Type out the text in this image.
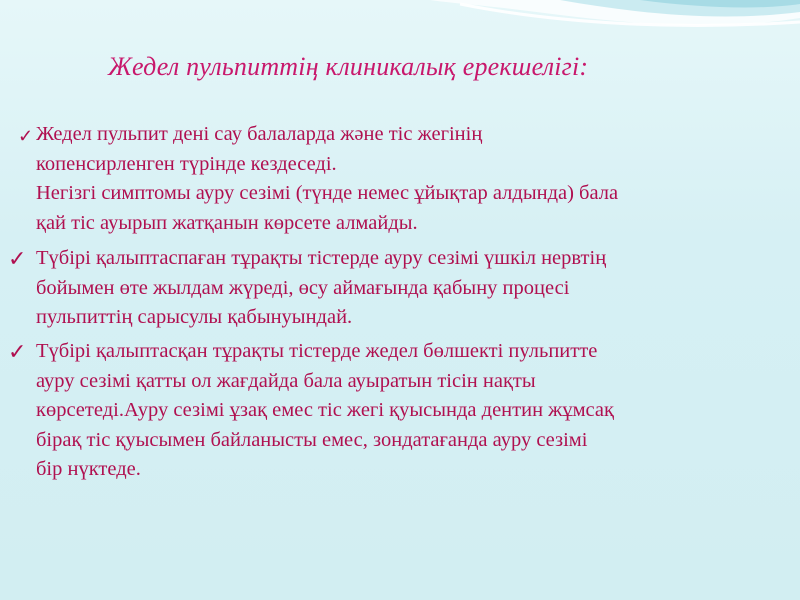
Жедел пульпиттің клиникалық ерекшелігі:
✓ Жедел пульпит дені сау балаларда және тіс жегінің
копенсирленген түрінде кездеседі.
Негізгі симптомы ауру сезімі (түнде немес ұйықтар алдында) бала
қай тіс ауырып жатқанын көрсете алмайды.
✓ Түбірі қалыптаспаған тұрақты тістерде ауру сезімі үшкіл нервтің
бойымен өте жылдам жүреді, өсу аймағында қабыну процесі
пульпиттің сарысулы қабынуындай.
✓ Түбірі қалыптасқан тұрақты тістерде жедел бөлшекті пульпитте
ауру сезімі қатты ол жағдайда бала ауыратын тісін нақты
көрсетеді.Ауру сезімі ұзақ емес тіс жегі қуысында дентин жұмсақ
бірақ тіс қуысымен байланысты емес, зондатағанда ауру сезімі
бір нүктеде.
